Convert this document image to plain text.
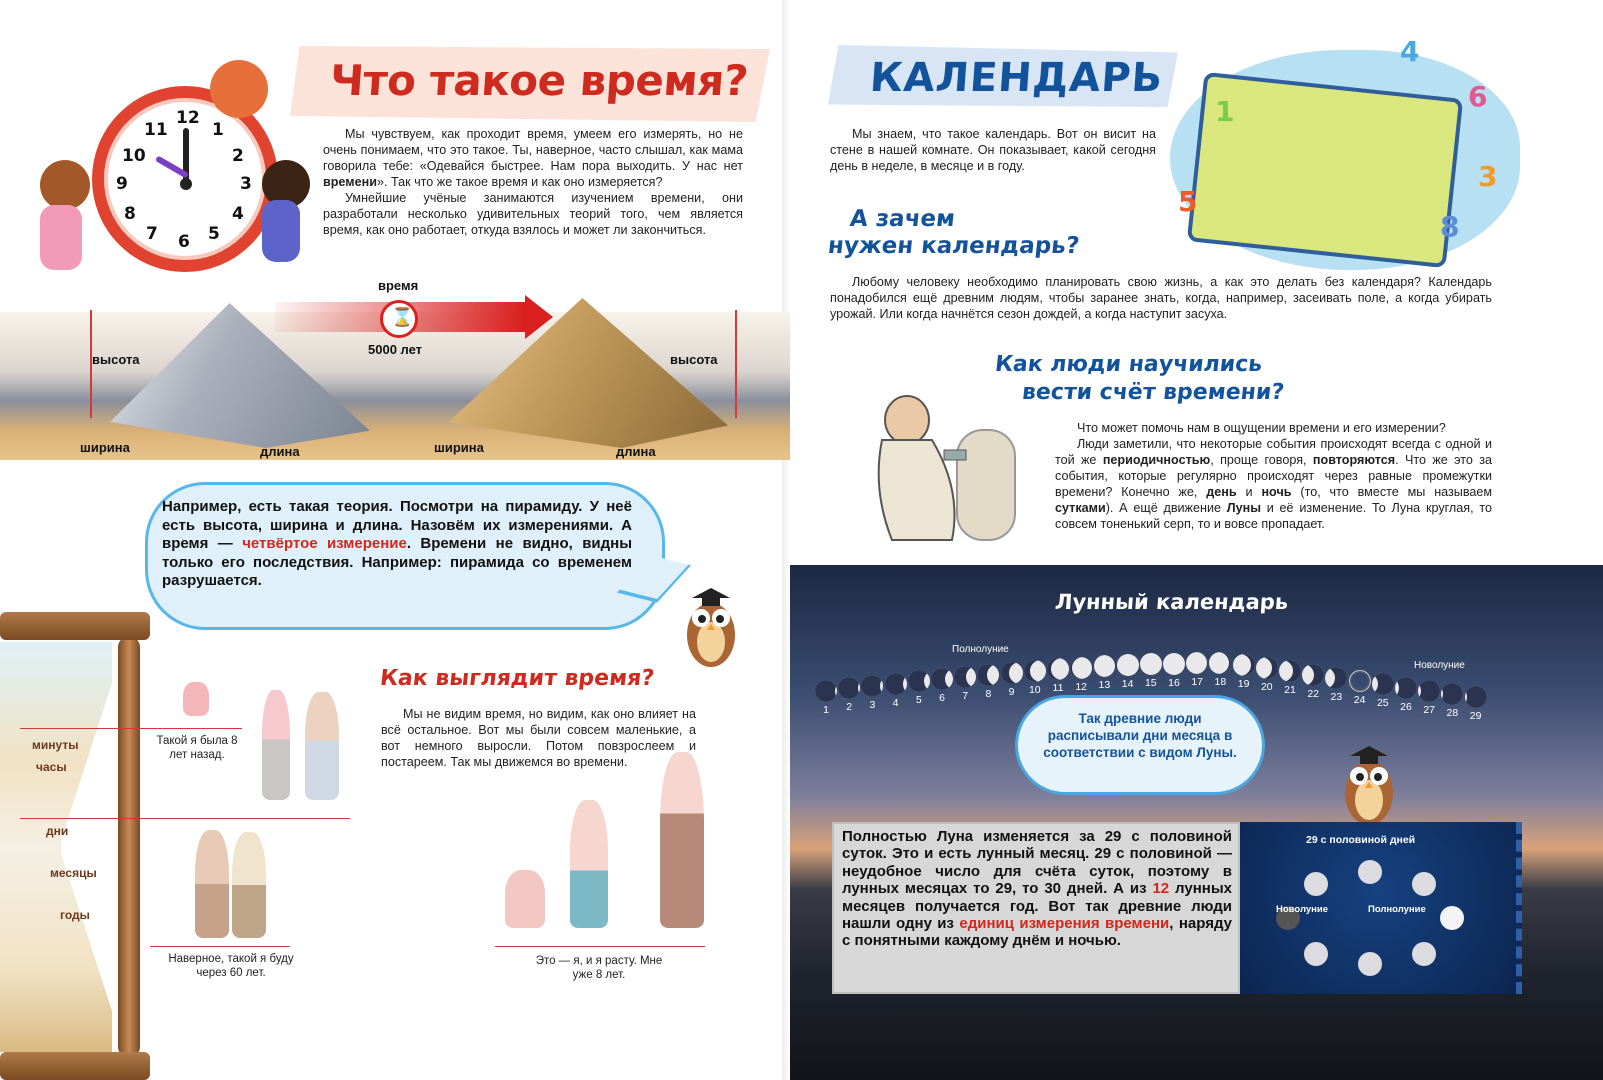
Что такое время?
12
1
2
3
4
5
6
7
8
9
10
11	Мы чувствуем, как проходит время, умеем его измерять, но не очень понимаем, что это такое. Ты, наверное, часто слышал, как мама говорила тебе: «Одевайся быстрее. Нам пора выходить. У нас нет времени». Так что же такое время и как оно измеряется?

Умнейшие учёные занимаются изучением времени, они разработали несколько удивительных теорий того, чем является время, как оно работает, откуда взялось и может ли закончиться.

⌛
время
5000 лет
высота	высота
ширина	длина	ширина	длина
Например, есть такая теория. Посмотри на пирамиду. У неё есть высота, ширина и длина. Назовём их измерениями. А время — четвёртое измерение. Времени не видно, видны только его последствия. Например: пирамида со временем разрушается.
минуты
часы
дни
месяцы
годы
Такой я была 8 лет назад.
Наверное, такой я буду через 60 лет.
Это — я, и я расту. Мне уже 8 лет.
Как выглядит время?

Мы не видим время, но видим, как оно влияет на всё остальное. Вот мы были совсем маленькие, а вот немного выросли. Потом повзрослеем и постареем. Так мы движемся во времени.

КАЛЕНДАРЬ
4
6
3
5
8
1

Мы знаем, что такое календарь. Вот он висит на стене в нашей комнате. Он показывает, какой сегодня день в неделе, в месяце и в году.

А зачем
нужен календарь?

Любому человеку необходимо планировать свою жизнь, а как это делать без календаря? Календарь понадобился ещё древним людям, чтобы заранее знать, когда, например, засеивать поле, а когда убирать урожай. Или когда начнётся сезон дождей, а когда наступит засуха.

Как люди научились
вести счёт времени?

Что может помочь нам в ощущении времени и его измерении?

Люди заметили, что некоторые события происходят всегда с одной и той же периодичностью, проще говоря, повторяются. Что же это за события, которые регулярно происходят через равные промежутки времени? Конечно же, день и ночь (то, что вместе мы называем сутками). А ещё движение Луны и её изменение. То Луна круглая, то совсем тоненький серп, то и вовсе пропадает.

Лунный календарь
Полнолуние
Новолуние
Так древние люди расписывали дни месяца в соответствии с видом Луны.
Полностью Луна изменяется за 29 с половиной суток. Это и есть лунный месяц. 29 с половиной — неудобное число для счёта суток, поэтому в лунных месяцах то 29, то 30 дней. А из 12 лунных месяцев получается год. Вот так древние люди нашли одну из единиц измерения времени, наряду с понятными каждому днём и ночью.
29 с половиной дней
Новолуние	Полнолуние
1	2	3	4	5	6	7	8	9	10	11	12	13	14	15	16	17	18	19	20	21	22	23	24	25	26	27	28	29
